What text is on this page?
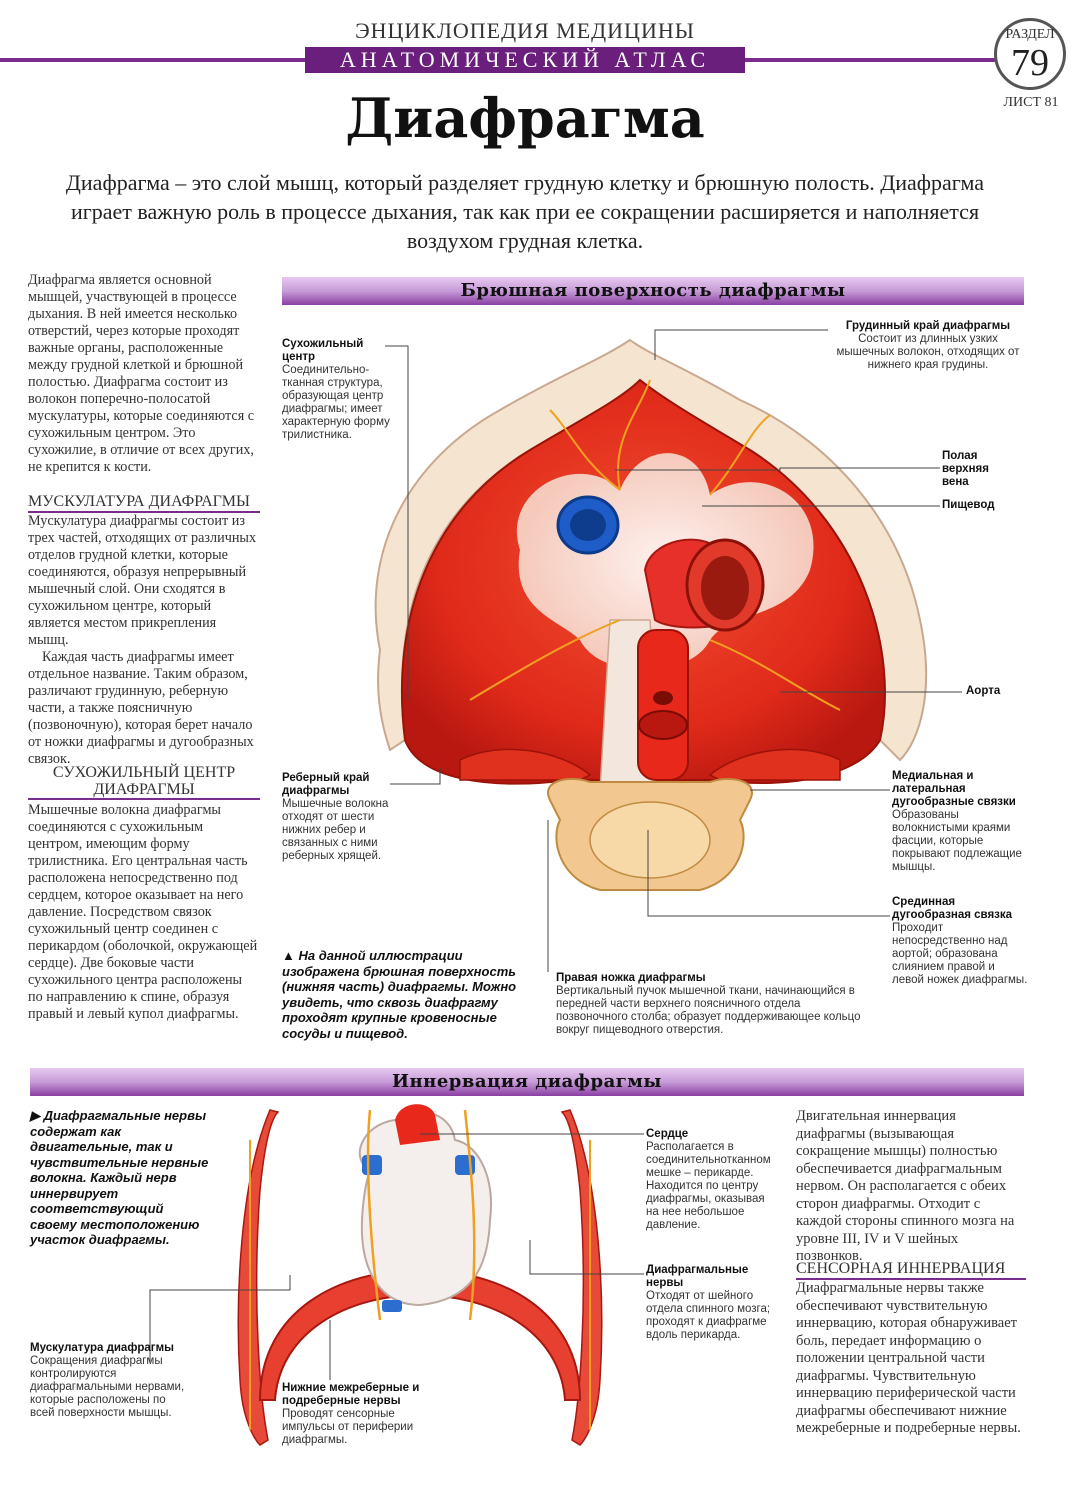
ЭНЦИКЛОПЕДИЯ МЕДИЦИНЫ
АНАТОМИЧЕСКИЙ АТЛАС
РАЗДЕЛ
79
ЛИСТ 81
Диафрагма
Диафрагма – это слой мышц, который разделяет грудную клетку и брюшную полость. Диафрагма играет важную роль в процессе дыхания, так как при ее сокращении расширяется и наполняется воздухом грудная клетка.
Диафрагма является основной мышцей, участвующей в процессе дыхания. В ней имеется несколько отверстий, через которые проходят важные органы, расположенные между грудной клеткой и брюшной полостью. Диафрагма состоит из волокон поперечно-полосатой мускулатуры, которые соединяются с сухожильным центром. Это сухожилие, в отличие от всех других, не крепится к кости.
МУСКУЛАТУРА ДИАФРАГМЫ
Мускулатура диафрагмы состоит из трех частей, отходящих от различных отделов грудной клетки, которые соединяются, образуя непрерывный мышечный слой. Они сходятся в сухожильном центре, который является местом прикрепления мышц.
Каждая часть диафрагмы имеет отдельное название. Таким образом, различают грудинную, реберную части, а также поясничную (позвоночную), которая берет начало от ножки диафрагмы и дугообразных связок.
СУХОЖИЛЬНЫЙ ЦЕНТР ДИАФРАГМЫ
Мышечные волокна диафрагмы соединяются с сухожильным центром, имеющим форму трилистника. Его центральная часть расположена непосредственно под сердцем, которое оказывает на него давление. Посредством связок сухожильный центр соединен с перикардом (оболочкой, окружающей сердце). Две боковые части сухожильного центра расположены по направлению к спине, образуя правый и левый купол диафрагмы.
Брюшная поверхность диафрагмы
Сухожильный центр
Соединительно-тканная структура, образующая центр диафрагмы; имеет характерную форму трилистника.
Грудинный край диафрагмы
Состоит из длинных узких мышечных волокон, отходящих от нижнего края грудины.
Полая верхняя вена
Пищевод
Аорта
Реберный край диафрагмы
Мышечные волокна отходят от шести нижних ребер и связанных с ними реберных хрящей.
Медиальная и латеральная дугообразные связки
Образованы волокнистыми краями фасции, которые покрывают подлежащие мышцы.
Срединная дугообразная связка
Проходит непосредственно над аортой; образована слиянием правой и левой ножек диафрагмы.
Правая ножка диафрагмы
Вертикальный пучок мышечной ткани, начинающийся в передней части верхнего поясничного отдела позвоночного столба; образует поддерживающее кольцо вокруг пищеводного отверстия.
▲ На данной иллюстрации изображена брюшная поверхность (нижняя часть) диафрагмы. Можно увидеть, что сквозь диафрагму проходят крупные кровеносные сосуды и пищевод.
Иннервация диафрагмы
▶ Диафрагмальные нервы содержат как двигательные, так и чувствительные нервные волокна. Каждый нерв иннервирует соответствующий своему местоположению участок диафрагмы.
Сердце
Располагается в соединительнотканном мешке – перикарде. Находится по центру диафрагмы, оказывая на нее небольшое давление.
Диафрагмальные нервы
Отходят от шейного отдела спинного мозга; проходят к диафрагме вдоль перикарда.
Мускулатура диафрагмы
Сокращения диафрагмы контролируются диафрагмальными нервами, которые расположены по всей поверхности мышцы.
Нижние межреберные и подреберные нервы
Проводят сенсорные импульсы от периферии диафрагмы.
Двигательная иннервация диафрагмы (вызывающая сокращение мышцы) полностью обеспечивается диафрагмальным нервом. Он располагается с обеих сторон диафрагмы. Отходит с каждой стороны спинного мозга на уровне III, IV и V шейных позвонков.
СЕНСОРНАЯ ИННЕРВАЦИЯ
Диафрагмальные нервы также обеспечивают чувствительную иннервацию, которая обнаруживает боль, передает информацию о положении центральной части диафрагмы. Чувствительную иннервацию периферической части диафрагмы обеспечивают нижние межреберные и подреберные нервы.
